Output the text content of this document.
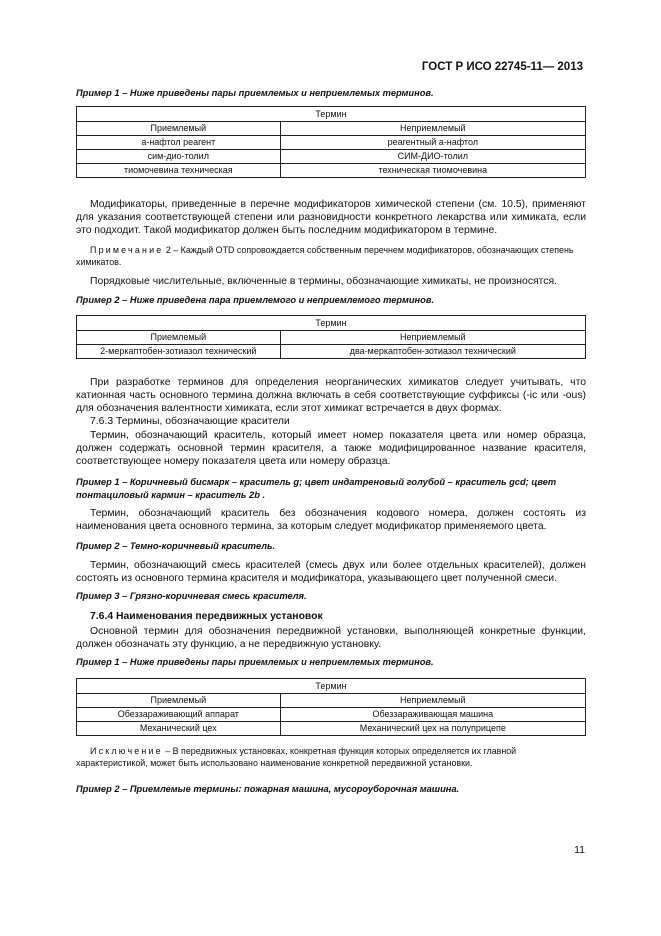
ГОСТ Р ИСО 22745-11— 2013
Пример 1 – Ниже приведены пары приемлемых и неприемлемых терминов.
Термин	
Приемлемый	Неприемлемый
а-нафтол реагент	реагентный а-нафтол
сим-дио-толил	СИМ-ДИО-толил
тиомочевина техническая	техническая тиомочевина
Модификаторы, приведенные в перечне модификаторов химической степени (см. 10.5), применяют для указания соответствующей степени или разновидности конкретного лекарства или химиката, если это подходит. Такой модификатор должен быть последним модификатором в термине.
Примечание 2 – Каждый OTD сопровождается собственным перечнем модификаторов, обозначающих степень химикатов.
Порядковые числительные, включенные в термины, обозначающие химикаты, не произносятся.
Пример 2 – Ниже приведена пара приемлемого и неприемлемого терминов.
Термин	
Приемлемый	Неприемлемый
2-меркаптобен-зотиазол технический	два-меркаптобен-зотиазол технический
При разработке терминов для определения неорганических химикатов следует учитывать, что катионная часть основного термина должна включать в себя соответствующие суффиксы (-ic или -ous) для обозначения валентности химиката, если этот химикат встречается в двух формах.
7.6.3 Термины, обозначающие красители
Термин, обозначающий краситель, который имеет номер показателя цвета или номер образца, должен содержать основной термин красителя, а также модифицированное название красителя, соответствующее номеру показателя цвета или номеру образца.
Пример 1 – Коричневый бисмарк – краситель g; цвет индатреновый голубой – краситель gcd; цвет понтациловый кармин – краситель 2b .
Термин, обозначающий краситель без обозначения кодового номера, должен состоять из наименования цвета основного термина, за которым следует модификатор применяемого цвета.
Пример 2 – Темно-коричневый краситель.
Термин, обозначающий смесь красителей (смесь двух или более отдельных красителей), должен состоять из основного термина красителя и модификатора, указывающего цвет полученной смеси.
Пример 3 – Грязно-коричневая смесь красителя.
7.6.4 Наименования передвижных установок
Основной термин для обозначения передвижной установки, выполняющей конкретные функции, должен обозначать эту функцию, а не передвижную установку.
Пример 1 – Ниже приведены пары приемлемых и неприемлемых терминов.
Термин	
Приемлемый	Неприемлемый
Обеззараживающий аппарат	Обеззараживающая машина
Механический цех	Механический цех на полуприцепе
Исключение – В передвижных установках, конкретная функция которых определяется их главной характеристикой, может быть использовано наименование конкретной передвижной установки.
Пример 2 – Приемлемые термины: пожарная машина, мусороуборочная машина.
11
